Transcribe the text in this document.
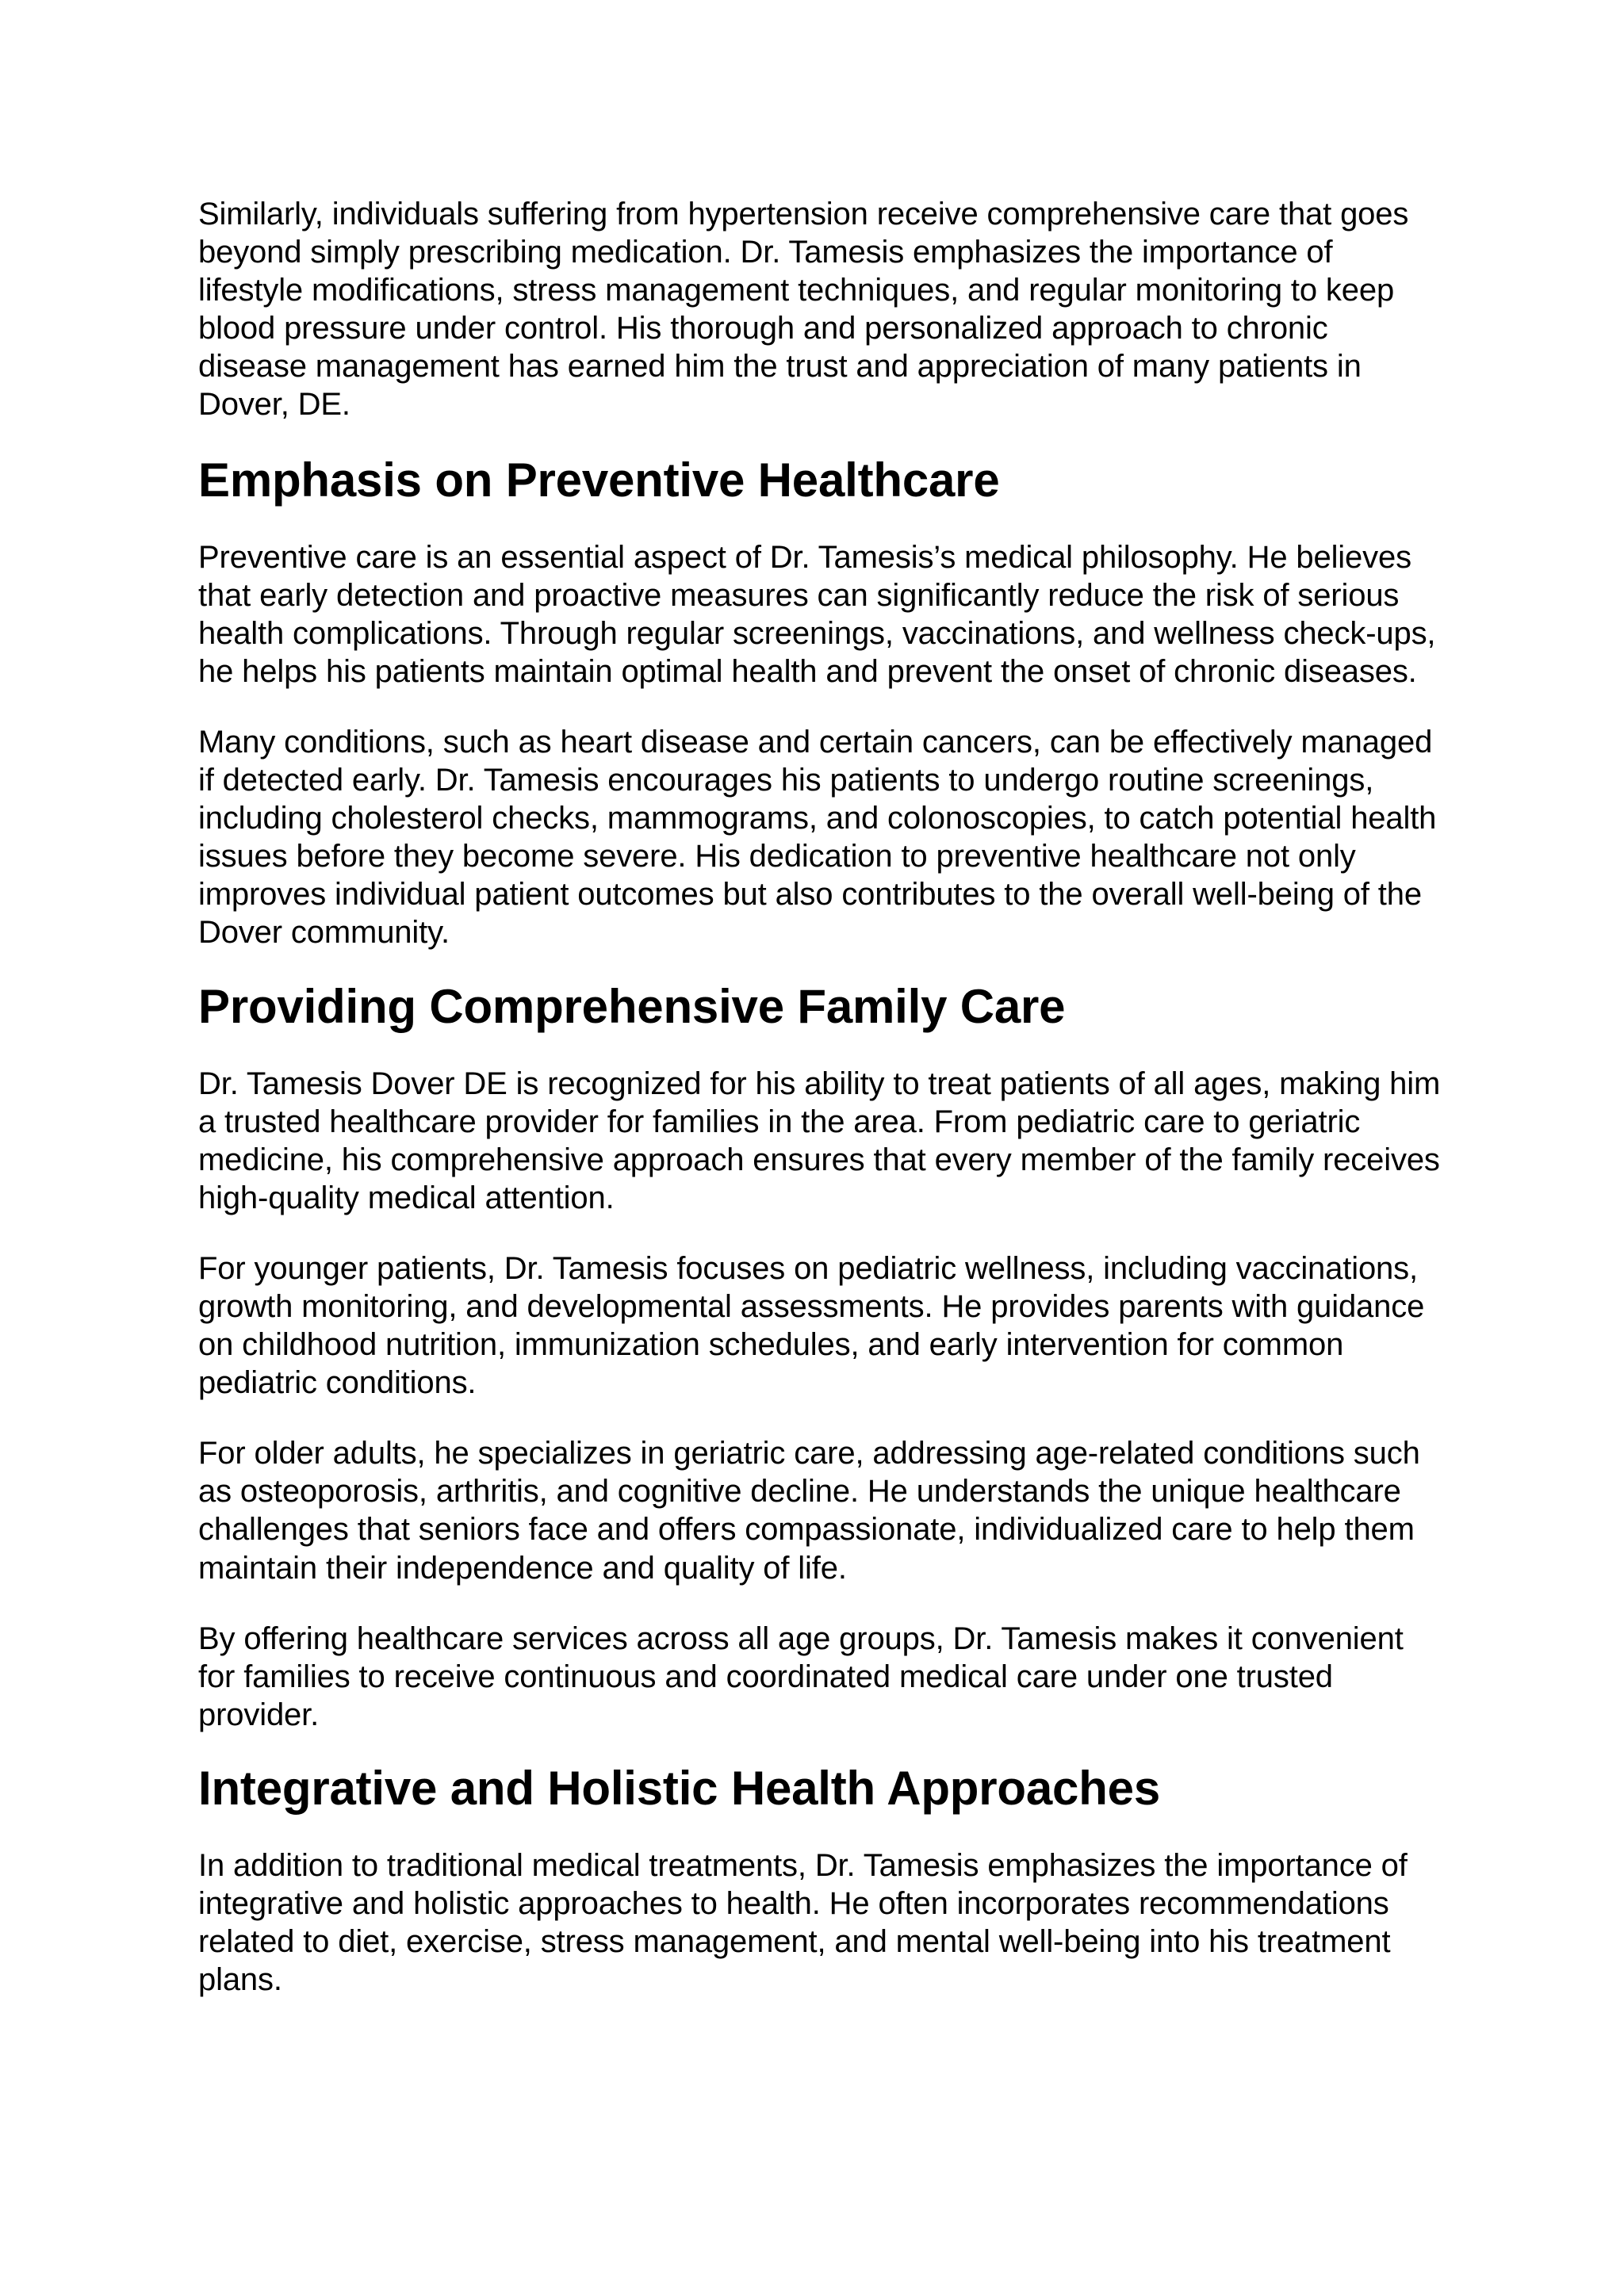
Similarly, individuals suffering from hypertension receive comprehensive care that goes beyond simply prescribing medication. Dr. Tamesis emphasizes the importance of lifestyle modifications, stress management techniques, and regular monitoring to keep blood pressure under control. His thorough and personalized approach to chronic disease management has earned him the trust and appreciation of many patients in Dover, DE.

Emphasis on Preventive Healthcare

Preventive care is an essential aspect of Dr. Tamesis’s medical philosophy. He believes that early detection and proactive measures can significantly reduce the risk of serious health complications. Through regular screenings, vaccinations, and wellness check-ups, he helps his patients maintain optimal health and prevent the onset of chronic diseases.

Many conditions, such as heart disease and certain cancers, can be effectively managed if detected early. Dr. Tamesis encourages his patients to undergo routine screenings, including cholesterol checks, mammograms, and colonoscopies, to catch potential health issues before they become severe. His dedication to preventive healthcare not only improves individual patient outcomes but also contributes to the overall well-being of the Dover community.

Providing Comprehensive Family Care

Dr. Tamesis Dover DE is recognized for his ability to treat patients of all ages, making him a trusted healthcare provider for families in the area. From pediatric care to geriatric medicine, his comprehensive approach ensures that every member of the family receives high-quality medical attention.

For younger patients, Dr. Tamesis focuses on pediatric wellness, including vaccinations, growth monitoring, and developmental assessments. He provides parents with guidance on childhood nutrition, immunization schedules, and early intervention for common pediatric conditions.

For older adults, he specializes in geriatric care, addressing age-related conditions such as osteoporosis, arthritis, and cognitive decline. He understands the unique healthcare challenges that seniors face and offers compassionate, individualized care to help them maintain their independence and quality of life.

By offering healthcare services across all age groups, Dr. Tamesis makes it convenient for families to receive continuous and coordinated medical care under one trusted provider.

Integrative and Holistic Health Approaches

In addition to traditional medical treatments, Dr. Tamesis emphasizes the importance of integrative and holistic approaches to health. He often incorporates recommendations related to diet, exercise, stress management, and mental well-being into his treatment plans.
